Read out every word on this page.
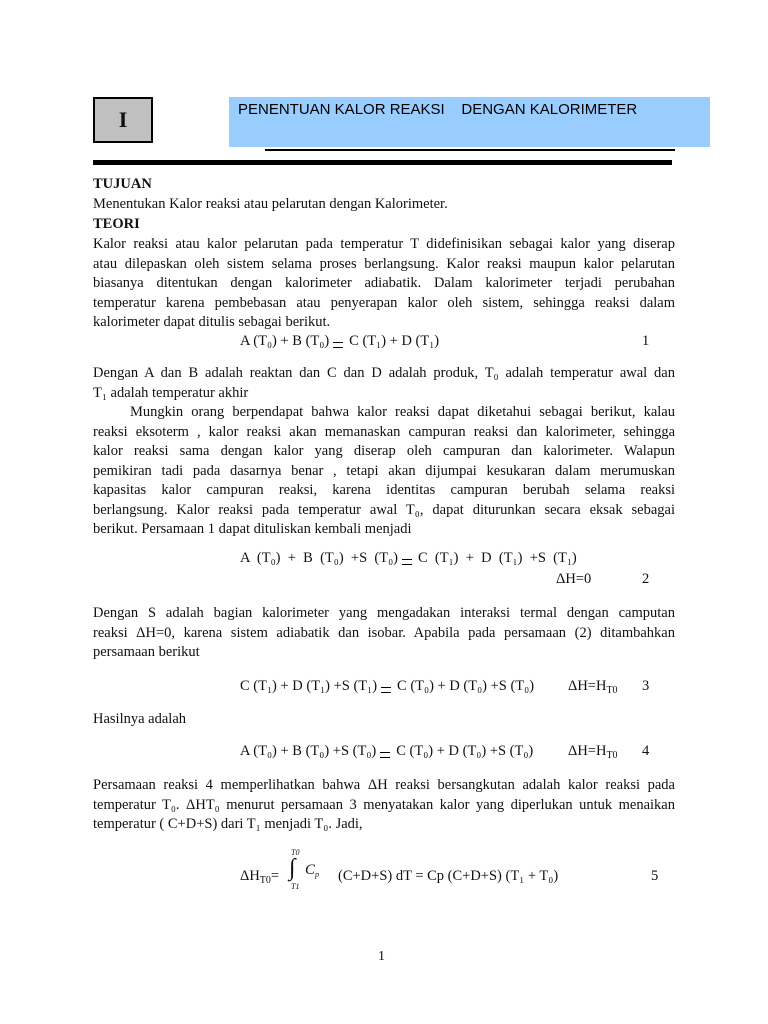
I	PENENTUAN KALOR REAKSI    DENGAN KALORIMETER
TUJUAN
Menentukan Kalor reaksi atau pelarutan dengan Kalorimeter.
TEORI
Kalor reaksi atau kalor pelarutan pada temperatur T didefinisikan sebagai kalor yang diserap
atau dilepaskan oleh sistem selama proses berlangsung. Kalor reaksi maupun kalor pelarutan
biasanya ditentukan dengan kalorimeter adiabatik. Dalam kalorimeter terjadi perubahan
temperatur karena pembebasan atau penyerapan kalor oleh sistem, sehingga reaksi dalam
kalorimeter dapat ditulis sebagai berikut.
A (T₀) + B (T₀) C (T₁) + D (T₁)	1
Dengan A dan B adalah reaktan dan C dan D adalah produk, T₀ adalah temperatur awal dan
T₁ adalah temperatur akhir
Mungkin orang berpendapat bahwa kalor reaksi dapat diketahui sebagai berikut, kalau
reaksi eksoterm , kalor reaksi akan memanaskan campuran reaksi dan kalorimeter, sehingga
kalor reaksi sama dengan kalor yang diserap oleh campuran dan kalorimeter. Walapun
pemikiran tadi pada dasarnya benar , tetapi akan dijumpai kesukaran dalam merumuskan
kapasitas kalor campuran reaksi, karena identitas campuran berubah selama reaksi
berlangsung. Kalor reaksi pada temperatur awal T₀, dapat diturunkan secara eksak sebagai
berikut. Persamaan 1 dapat dituliskan kembali menjadi
A  (T₀)  +  B  (T₀)  +S  (T₀) C  (T₁)  +  D  (T₁)  +S  (T₁)
ΔH=0	2
Dengan S adalah bagian kalorimeter yang mengadakan interaksi termal dengan camputan
reaksi ΔH=0, karena sistem adiabatik dan isobar. Apabila pada persamaan (2) ditambahkan
persamaan berikut
C (T₁) + D (T₁) +S (T₁) C (T₀) + D (T₀) +S (T₀) $\Delta H=H_{T0}$ 3
Hasilnya adalah
A (T₀) + B (T₀) +S (T₀) C (T₀) + D (T₀) +S (T₀) $\Delta H=H_{T0}$ 4
Persamaan reaksi 4 memperlihatkan bahwa ΔH reaksi bersangkutan adalah kalor reaksi pada
temperatur T₀. ΔHT₀ menurut persamaan 3 menyatakan kalor yang diperlukan untuk menaikan
temperatur ( C+D+S) dari T₁ menjadi T₀. Jadi,
$\Delta H_{T0}=$
T0
∫ $C_p$
T1
(C+D+S) dT = Cp (C+D+S) (T₁ + T₀)	5
1
